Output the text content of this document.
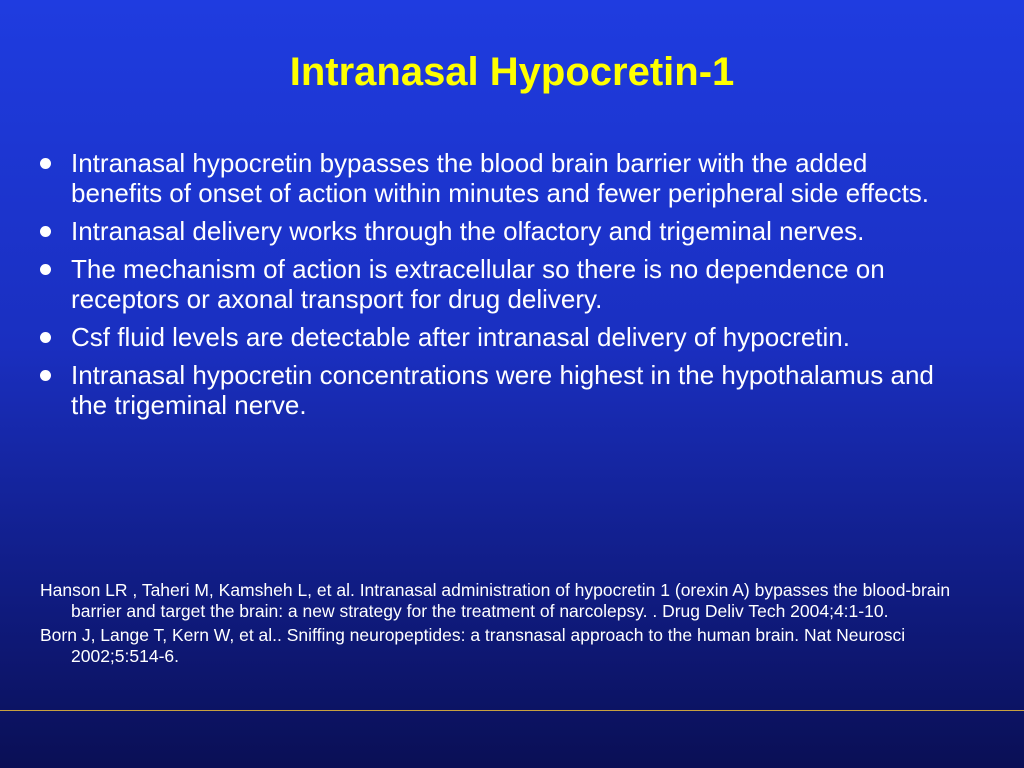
Intranasal Hypocretin-1
Intranasal hypocretin bypasses the blood brain barrier with the added benefits of onset of action within minutes and fewer peripheral side effects.
Intranasal delivery works through the olfactory and trigeminal nerves.
The mechanism of action is extracellular so there is no dependence on receptors or axonal transport for drug delivery.
Csf fluid levels are detectable after intranasal delivery of hypocretin.
Intranasal hypocretin concentrations were highest in the hypothalamus and the trigeminal nerve.
Hanson LR , Taheri M, Kamsheh L, et al. Intranasal administration of hypocretin 1 (orexin A) bypasses the blood-brain barrier and target the brain: a new strategy for the treatment of narcolepsy. . Drug Deliv Tech 2004;4:1-10.
Born J, Lange T, Kern W, et al.. Sniffing neuropeptides: a transnasal approach to the human brain. Nat Neurosci 2002;5:514-6.
